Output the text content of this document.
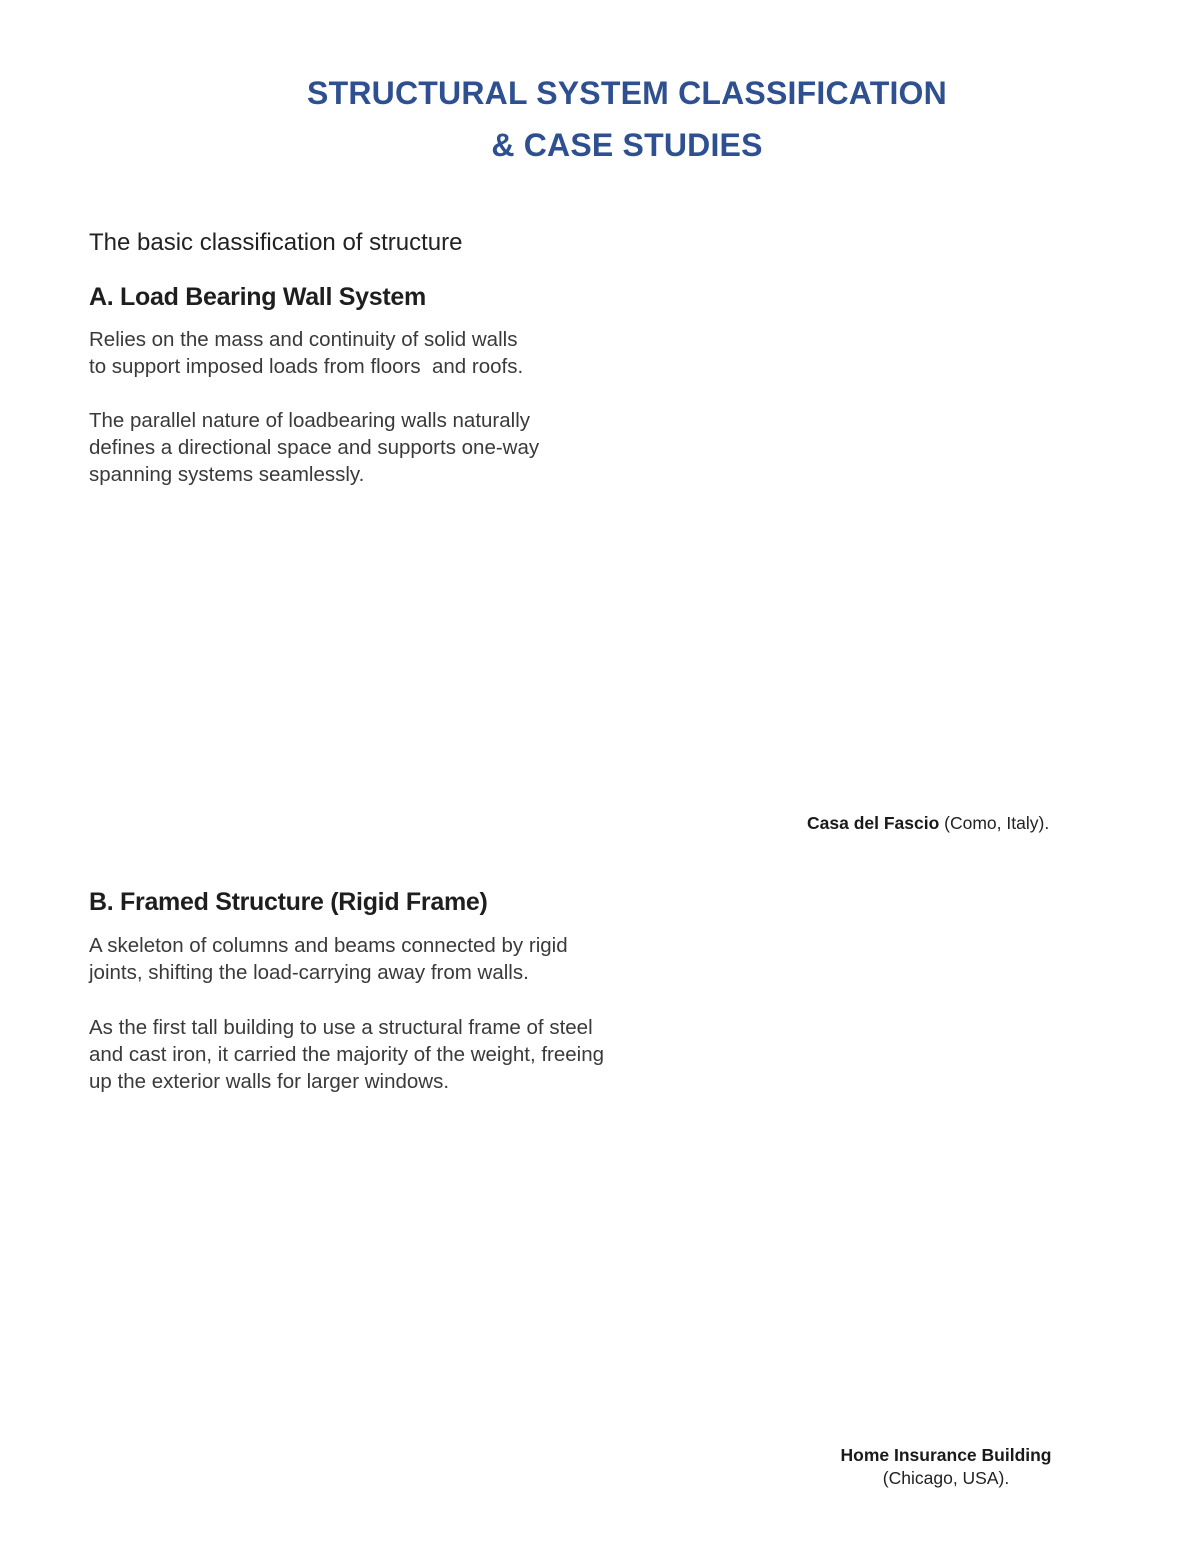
STRUCTURAL SYSTEM CLASSIFICATION
& CASE STUDIES
The basic classification of structure
A. Load Bearing Wall System
Relies on the mass and continuity of solid walls
to support imposed loads from floors  and roofs.
The parallel nature of loadbearing walls naturally
defines a directional space and supports one-way
spanning systems seamlessly.
Casa del Fascio (Como, Italy).
B. Framed Structure (Rigid Frame)
A skeleton of columns and beams connected by rigid
joints, shifting the load-carrying away from walls.
As the first tall building to use a structural frame of steel
and cast iron, it carried the majority of the weight, freeing
up the exterior walls for larger windows.
Home Insurance Building
(Chicago, USA).
